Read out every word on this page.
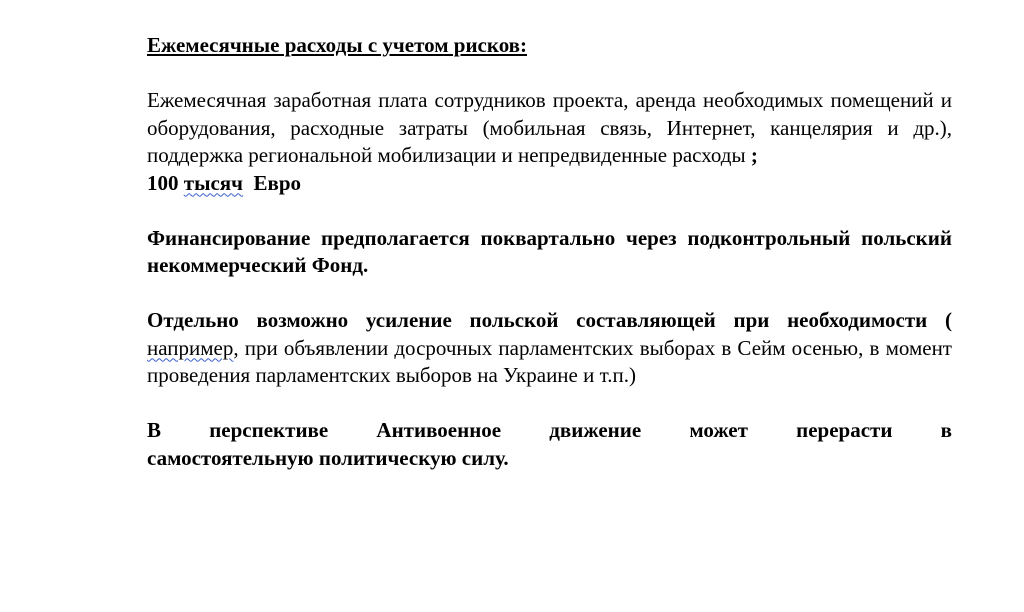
Ежемесячные расходы с учетом рисков:

Ежемесячная заработная плата сотрудников проекта, аренда необходимых помещений и оборудования, расходные затраты (мобильная связь, Интернет, канцелярия и др.), поддержка региональной мобилизации и непредвиденные расходы ;

100 тысяч  Евро

Финансирование предполагается поквартально через подконтрольный польский   некоммерческий Фонд.

Отдельно возможно усиление польской составляющей при необходимости ( например, при объявлении досрочных парламентских выборах в Сейм осенью, в момент проведения парламентских выборов на Украине и т.п.)

В перспективе Антивоенное движение может перерасти в

самостоятельную политическую силу.
